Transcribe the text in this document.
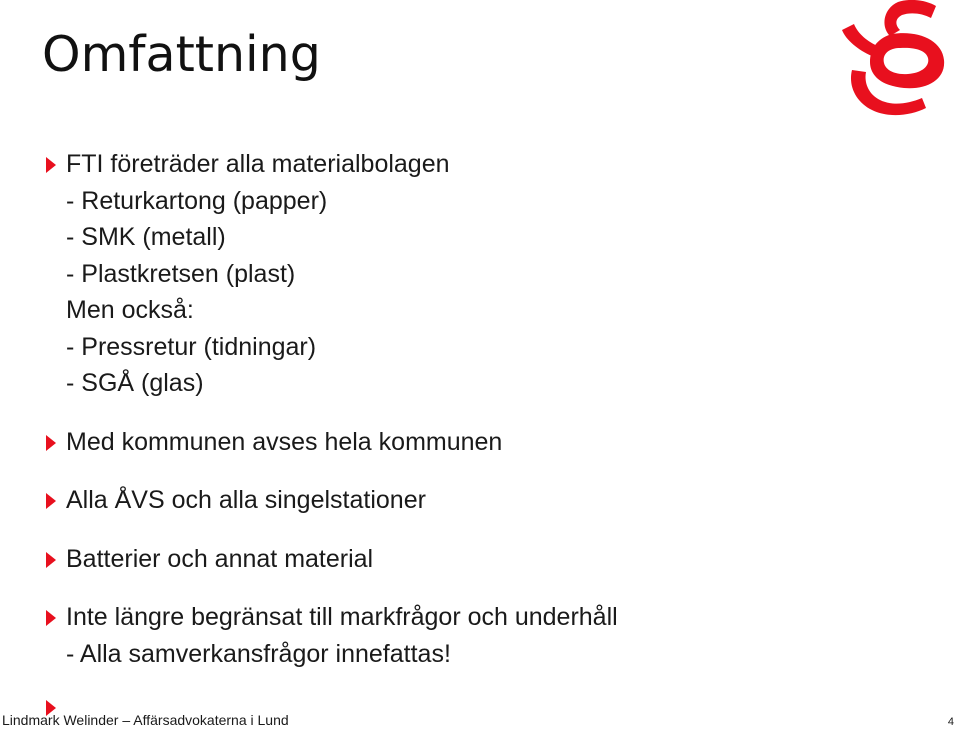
Omfattning
FTI företräder alla materialbolagen
- Returkartong (papper)
- SMK (metall)
- Plastkretsen (plast)
Men också:
- Pressretur (tidningar)
- SGÅ (glas)
Med kommunen avses hela kommunen
Alla ÅVS och alla singelstationer
Batterier och annat material
Inte längre begränsat till markfrågor och underhåll
- Alla samverkansfrågor innefattas!
Lindmark Welinder – Affärsadvokaterna i Lund	4
